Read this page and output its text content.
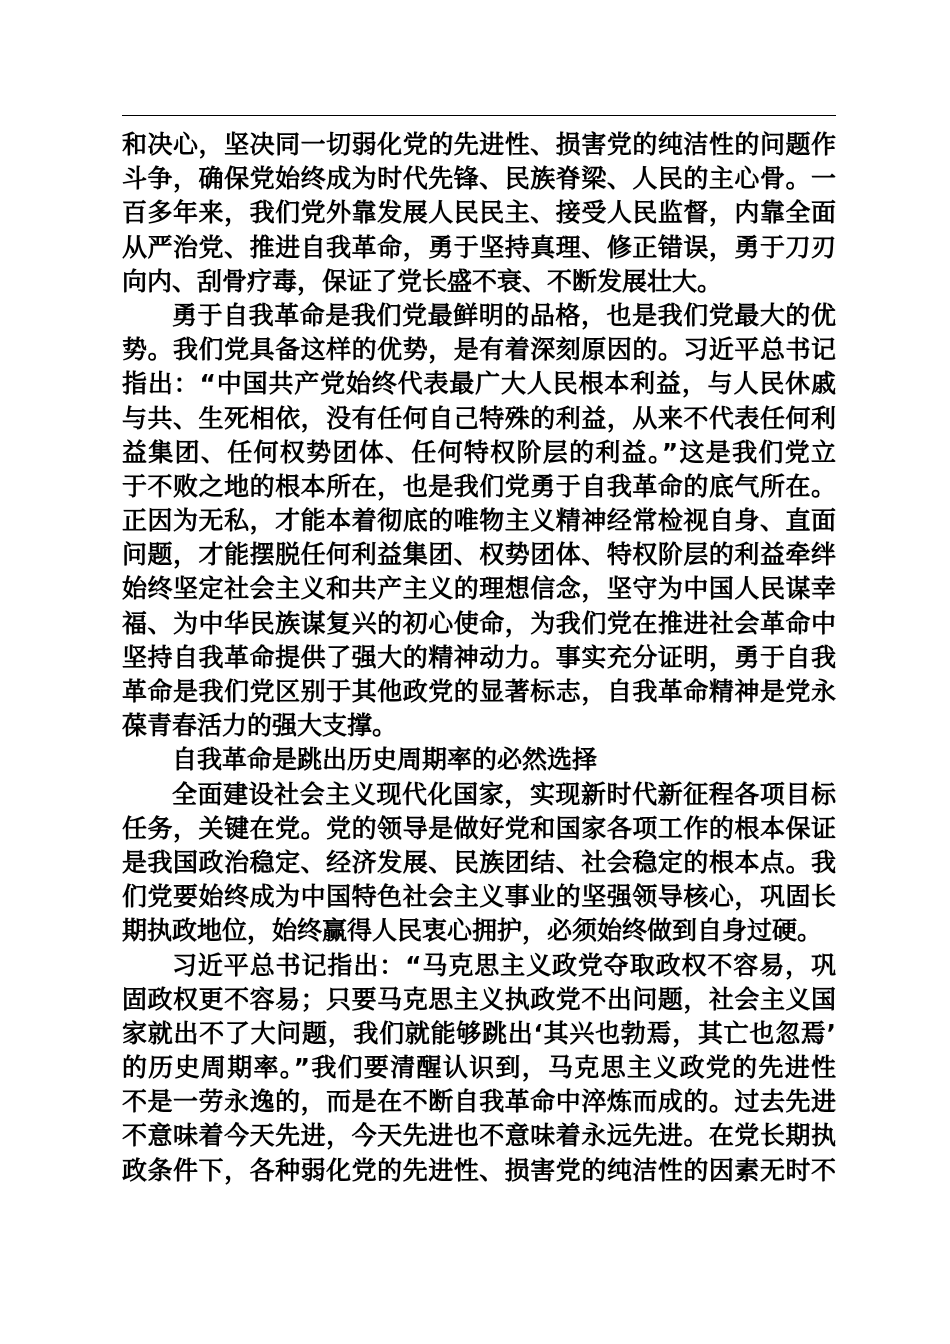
和决心，坚决同一切弱化党的先进性、损害党的纯洁性的问题作
斗争，确保党始终成为时代先锋、民族脊梁、人民的主心骨。一
百多年来，我们党外靠发展人民民主、接受人民监督，内靠全面
从严治党、推进自我革命，勇于坚持真理、修正错误，勇于刀刃
向内、刮骨疗毒，保证了党长盛不衰、不断发展壮大。
勇于自我革命是我们党最鲜明的品格，也是我们党最大的优
势。我们党具备这样的优势，是有着深刻原因的。习近平总书记
指出：“中国共产党始终代表最广大人民根本利益，与人民休戚
与共、生死相依，没有任何自己特殊的利益，从来不代表任何利
益集团、任何权势团体、任何特权阶层的利益。”这是我们党立
于不败之地的根本所在，也是我们党勇于自我革命的底气所在。
正因为无私，才能本着彻底的唯物主义精神经常检视自身、直面
问题，才能摆脱任何利益集团、权势团体、特权阶层的利益牵绊
始终坚定社会主义和共产主义的理想信念，坚守为中国人民谋幸
福、为中华民族谋复兴的初心使命，为我们党在推进社会革命中
坚持自我革命提供了强大的精神动力。事实充分证明，勇于自我
革命是我们党区别于其他政党的显著标志，自我革命精神是党永
葆青春活力的强大支撑。
自我革命是跳出历史周期率的必然选择
全面建设社会主义现代化国家，实现新时代新征程各项目标
任务，关键在党。党的领导是做好党和国家各项工作的根本保证
是我国政治稳定、经济发展、民族团结、社会稳定的根本点。我
们党要始终成为中国特色社会主义事业的坚强领导核心，巩固长
期执政地位，始终赢得人民衷心拥护，必须始终做到自身过硬。
习近平总书记指出：“马克思主义政党夺取政权不容易，巩
固政权更不容易；只要马克思主义执政党不出问题，社会主义国
家就出不了大问题，我们就能够跳出‘其兴也勃焉，其亡也忽焉’
的历史周期率。”我们要清醒认识到，马克思主义政党的先进性
不是一劳永逸的，而是在不断自我革命中淬炼而成的。过去先进
不意味着今天先进，今天先进也不意味着永远先进。在党长期执
政条件下，各种弱化党的先进性、损害党的纯洁性的因素无时不
